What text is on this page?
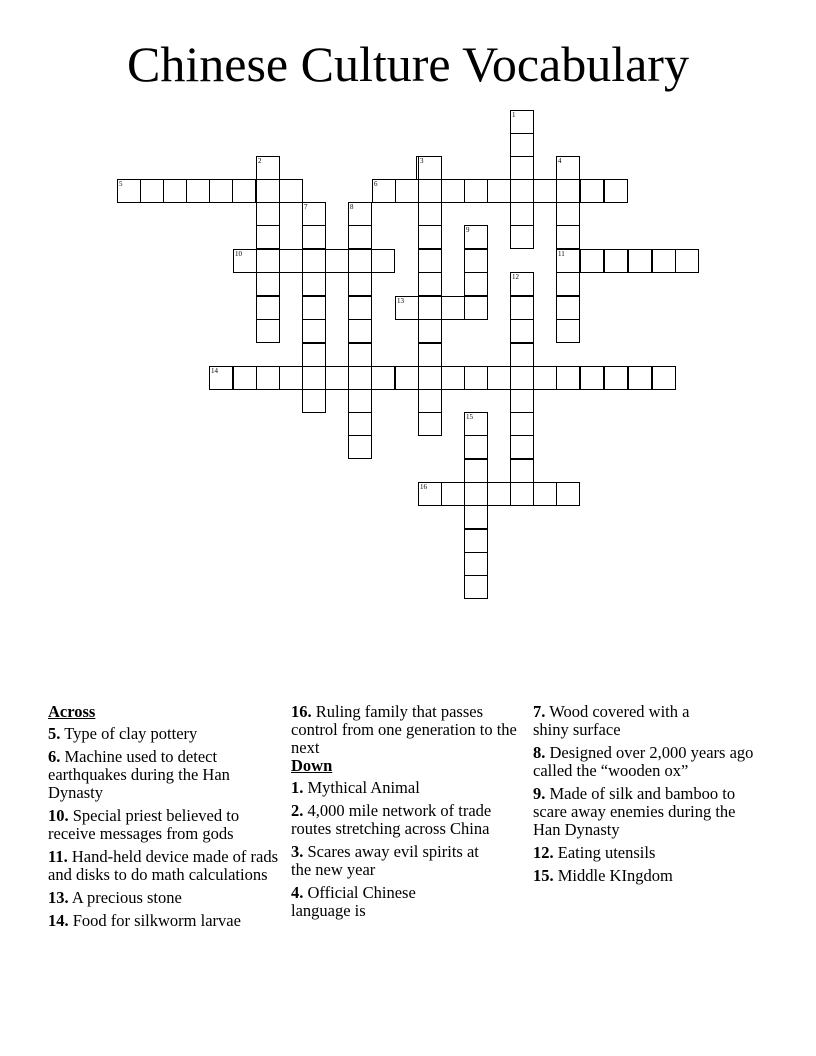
Chinese Culture Vocabulary
1
2	4
5	6
7	8
9
10	11
12
13
14
15
16
3
Across
5. Type of clay pottery
6. Machine used to detect earthquakes during the Han Dynasty
10. Special priest believed to receive messages from gods
11. Hand-held device made of rads and disks to do math calculations
13. A precious stone
14. Food for silkworm larvae
16. Ruling family that passes control from one generation to the next
Down
1. Mythical Animal
2. 4,000 mile network of trade routes stretching across China
3. Scares away evil spirits at the new year
4. Official Chinese language is
7. Wood covered with a shiny surface
8. Designed over 2,000 years ago called the “wooden ox”
9. Made of silk and bamboo to scare away enemies during the Han Dynasty
12. Eating utensils
15. Middle KIngdom
